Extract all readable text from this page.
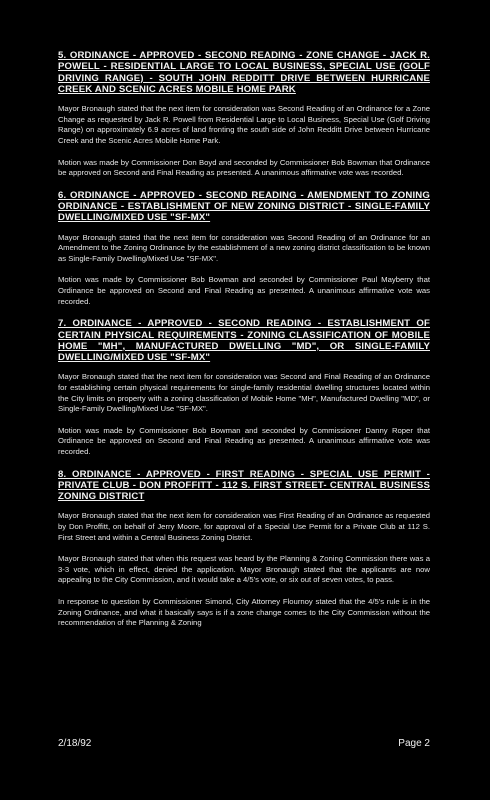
5. ORDINANCE - APPROVED - SECOND READING - ZONE CHANGE - JACK R. POWELL - RESIDENTIAL LARGE TO LOCAL BUSINESS, SPECIAL USE (GOLF DRIVING RANGE) - SOUTH JOHN REDDITT DRIVE BETWEEN HURRICANE CREEK AND SCENIC ACRES MOBILE HOME PARK

Mayor Bronaugh stated that the next item for consideration was Second Reading of an Ordinance for a Zone Change as requested by Jack R. Powell from Residential Large to Local Business, Special Use (Golf Driving Range) on approximately 6.9 acres of land fronting the south side of John Redditt Drive between Hurricane Creek and the Scenic Acres Mobile Home Park.

Motion was made by Commissioner Don Boyd and seconded by Commissioner Bob Bowman that Ordinance be approved on Second and Final Reading as presented. A unanimous affirmative vote was recorded.

6. ORDINANCE - APPROVED - SECOND READING - AMENDMENT TO ZONING ORDINANCE - ESTABLISHMENT OF NEW ZONING DISTRICT - SINGLE-FAMILY DWELLING/MIXED USE "SF-MX"

Mayor Bronaugh stated that the next item for consideration was Second Reading of an Ordinance for an Amendment to the Zoning Ordinance by the establishment of a new zoning district classification to be known as Single-Family Dwelling/Mixed Use "SF-MX".

Motion was made by Commissioner Bob Bowman and seconded by Commissioner Paul Mayberry that Ordinance be approved on Second and Final Reading as presented. A unanimous affirmative vote was recorded.

7. ORDINANCE - APPROVED - SECOND READING - ESTABLISHMENT OF CERTAIN PHYSICAL REQUIREMENTS - ZONING CLASSIFICATION OF MOBILE HOME "MH", MANUFACTURED DWELLING "MD", OR SINGLE-FAMILY DWELLING/MIXED USE "SF-MX"

Mayor Bronaugh stated that the next item for consideration was Second and Final Reading of an Ordinance for establishing certain physical requirements for single-family residential dwelling structures located within the City limits on property with a zoning classification of Mobile Home "MH", Manufactured Dwelling "MD", or Single-Family Dwelling/Mixed Use "SF-MX".

Motion was made by Commissioner Bob Bowman and seconded by Commissioner Danny Roper that Ordinance be approved on Second and Final Reading as presented. A unanimous affirmative vote was recorded.

8. ORDINANCE - APPROVED - FIRST READING - SPECIAL USE PERMIT - PRIVATE CLUB - DON PROFFITT - 112 S. FIRST STREET- CENTRAL BUSINESS ZONING DISTRICT

Mayor Bronaugh stated that the next item for consideration was First Reading of an Ordinance as requested by Don Proffitt, on behalf of Jerry Moore, for approval of a Special Use Permit for a Private Club at 112 S. First Street and within a Central Business Zoning District.

Mayor Bronaugh stated that when this request was heard by the Planning & Zoning Commission there was a 3-3 vote, which in effect, denied the application. Mayor Bronaugh stated that the applicants are now appealing to the City Commission, and it would take a 4/5's vote, or six out of seven votes, to pass.

In response to question by Commissioner Simond, City Attorney Flournoy stated that the 4/5's rule is in the Zoning Ordinance, and what it basically says is if a zone change comes to the City Commission without the recommendation of the Planning & Zoning

2/18/92	Page 2
